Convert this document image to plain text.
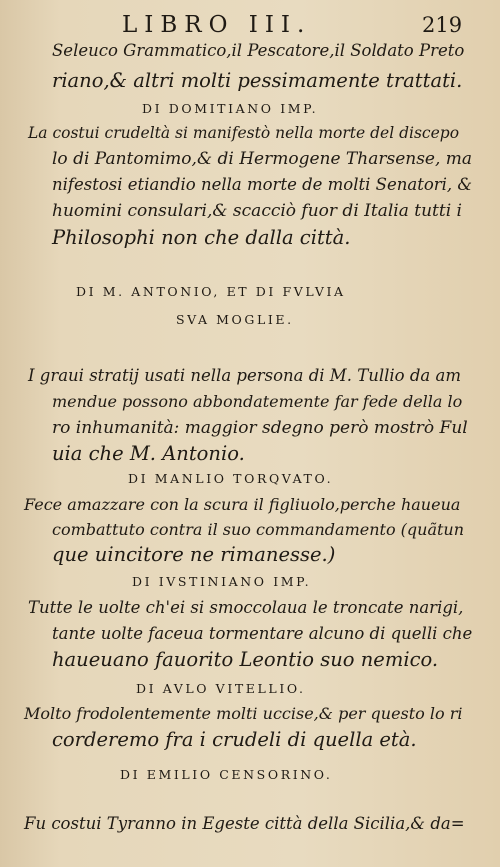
LIBRO III.	219
Seleuco Grammatico,il Pescatore,il Soldato Preto
riano,& altri molti pessimamente trattati.
DI DOMITIANO IMP.
La costui crudeltà si manifestò nella morte del discepo
lo di Pantomimo,& di Hermogene Tharsense, ma
nifestosi etiandio nella morte de molti Senatori, &
huomini consulari,& scacciò fuor di Italia tutti i
Philosophi non che dalla città.
DI M. ANTONIO, ET DI FVLVIA
SVA MOGLIE.
I graui stratij usati nella persona di M. Tullio da am
mendue possono abbondatemente far fede della lo
ro inhumanità: maggior sdegno però mostrò Ful
uia che M. Antonio.
DI MANLIO TORQVATO.
Fece amazzare con la scura il figliuolo,perche haueua
combattuto contra il suo commandamento (quãtun
que uincitore ne rimanesse.)
DI IVSTINIANO IMP.
Tutte le uolte ch'ei si smoccolaua le troncate narigi,
tante uolte faceua tormentare alcuno di quelli che
haueuano fauorito Leontio suo nemico.
DI AVLO VITELLIO.
Molto frodolentemente molti uccise,& per questo lo ri
corderemo fra i crudeli di quella età.
DI EMILIO CENSORINO.
Fu costui Tyranno in Egeste città della Sicilia,& da=
